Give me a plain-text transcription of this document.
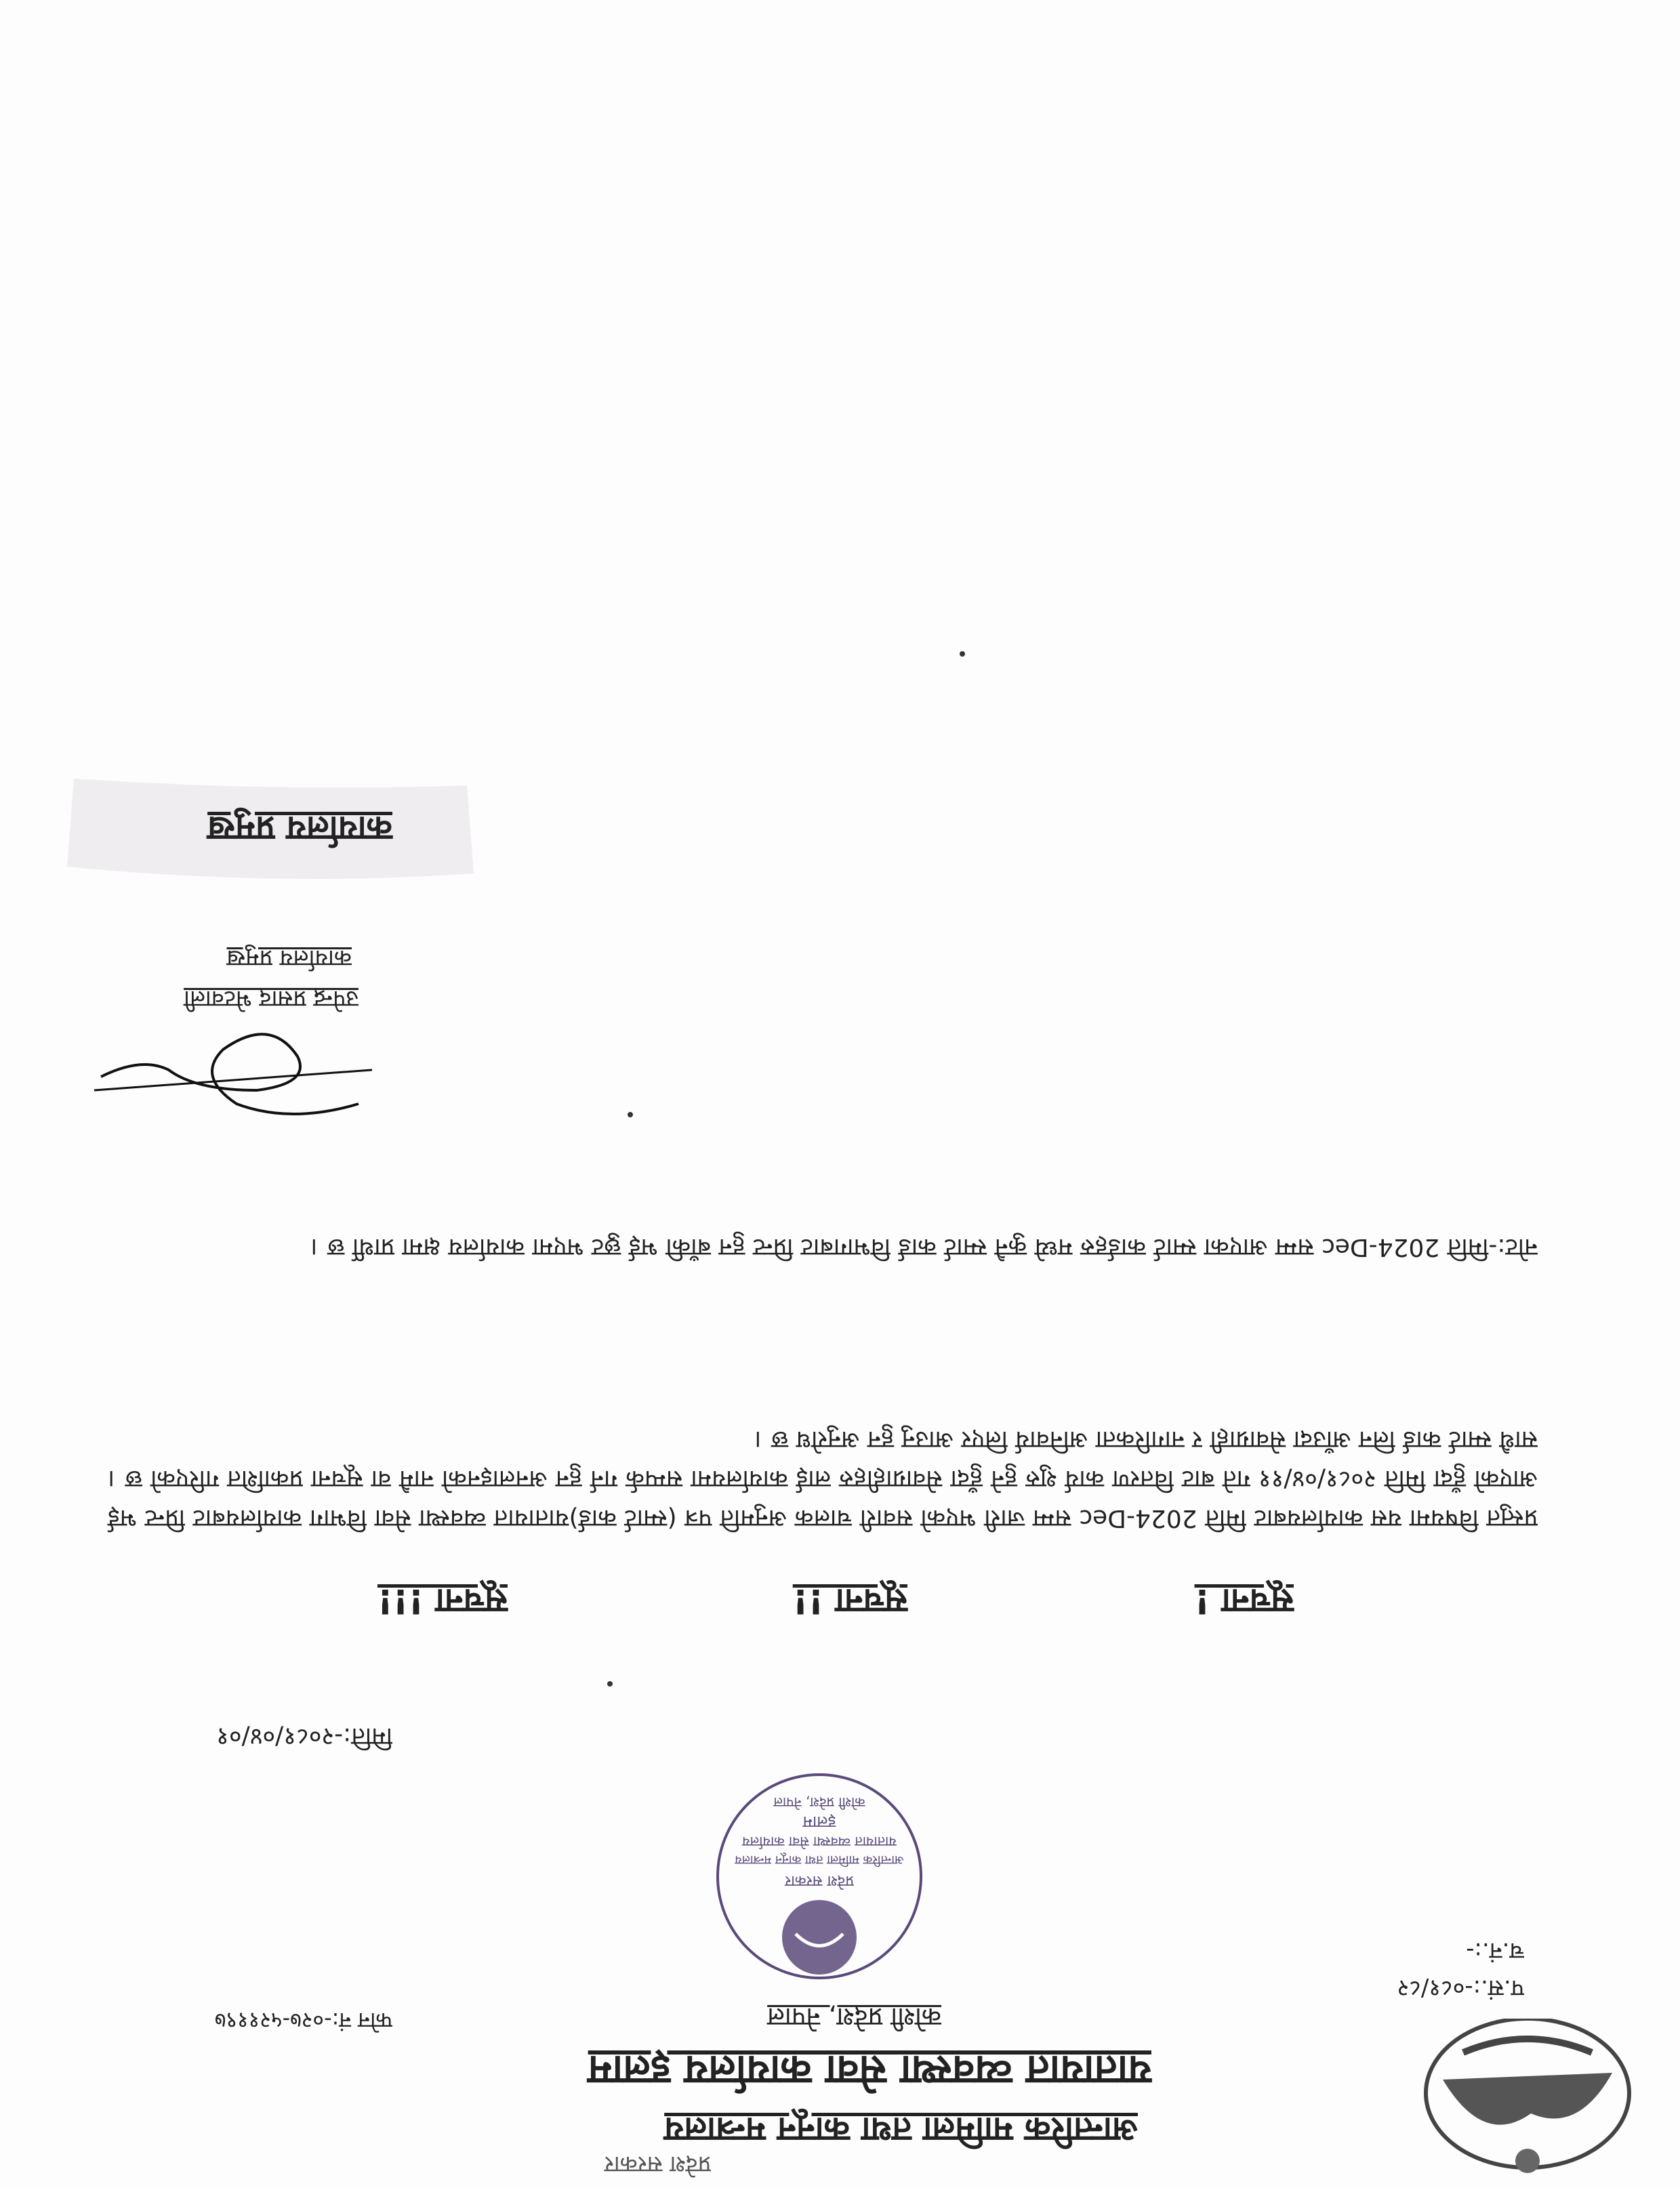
प्रदेश सरकार
आन्तरिक मामिला तथा कानून मन्त्रालय
यातायात व्यवस्था सेवा कार्यालय इलाम
कोशी प्रदेश, नेपाल
फोन नं:-०२७-५२११९७
प.सं.:-०८१/८२
च.नं.:-
प्रदेश सरकार
आन्तरिक मामिला तथा कानून मन्त्रालय
यातायात व्यवस्था सेवा कार्यालय
इलाम
कोशी प्रदेश, नेपाल
मिति:-२०८१/०४/०१
सूचना !
सूचना !!
सूचना !!!
प्रस्तुत विषयमा यस कार्यालयबाट मिति 2024-Dec सम्म जारी भएको सवारी चालक अनुमति पत्र (स्मार्ट कार्ड)यातायात व्यवस्था सेवा विभाग कार्यालयबाट प्रिन्ट भई आएको हुँदा मिति २०८१/०४/११ गते बाट वितरण कार्य शुरु हुने हुँदा सेवाग्राहीहरु लाई कार्यालयमा सम्पर्क गर्न हुन अनलाइनको नामै वा सूचना प्रकाशित गरिएको छ । साथै स्मार्ट कार्ड लिन आँउदा सेवाग्राही र नागरिकता अनिवार्य लिएर आउनु हुन अनुरोध छ ।
नोट:-मिति 2024-Dec सम्म आएका स्मार्ट कार्डहरु मध्ये कुनै स्मार्ट कार्ड विभागबाट प्रिन्ट हुन बाँकी भई छुट भएमा कार्यालय क्षमा प्रार्थी छ ।
उपेन्द्र प्रसाद भेटवाली
कार्यालय प्रमुख
कार्यालय प्रमुख
